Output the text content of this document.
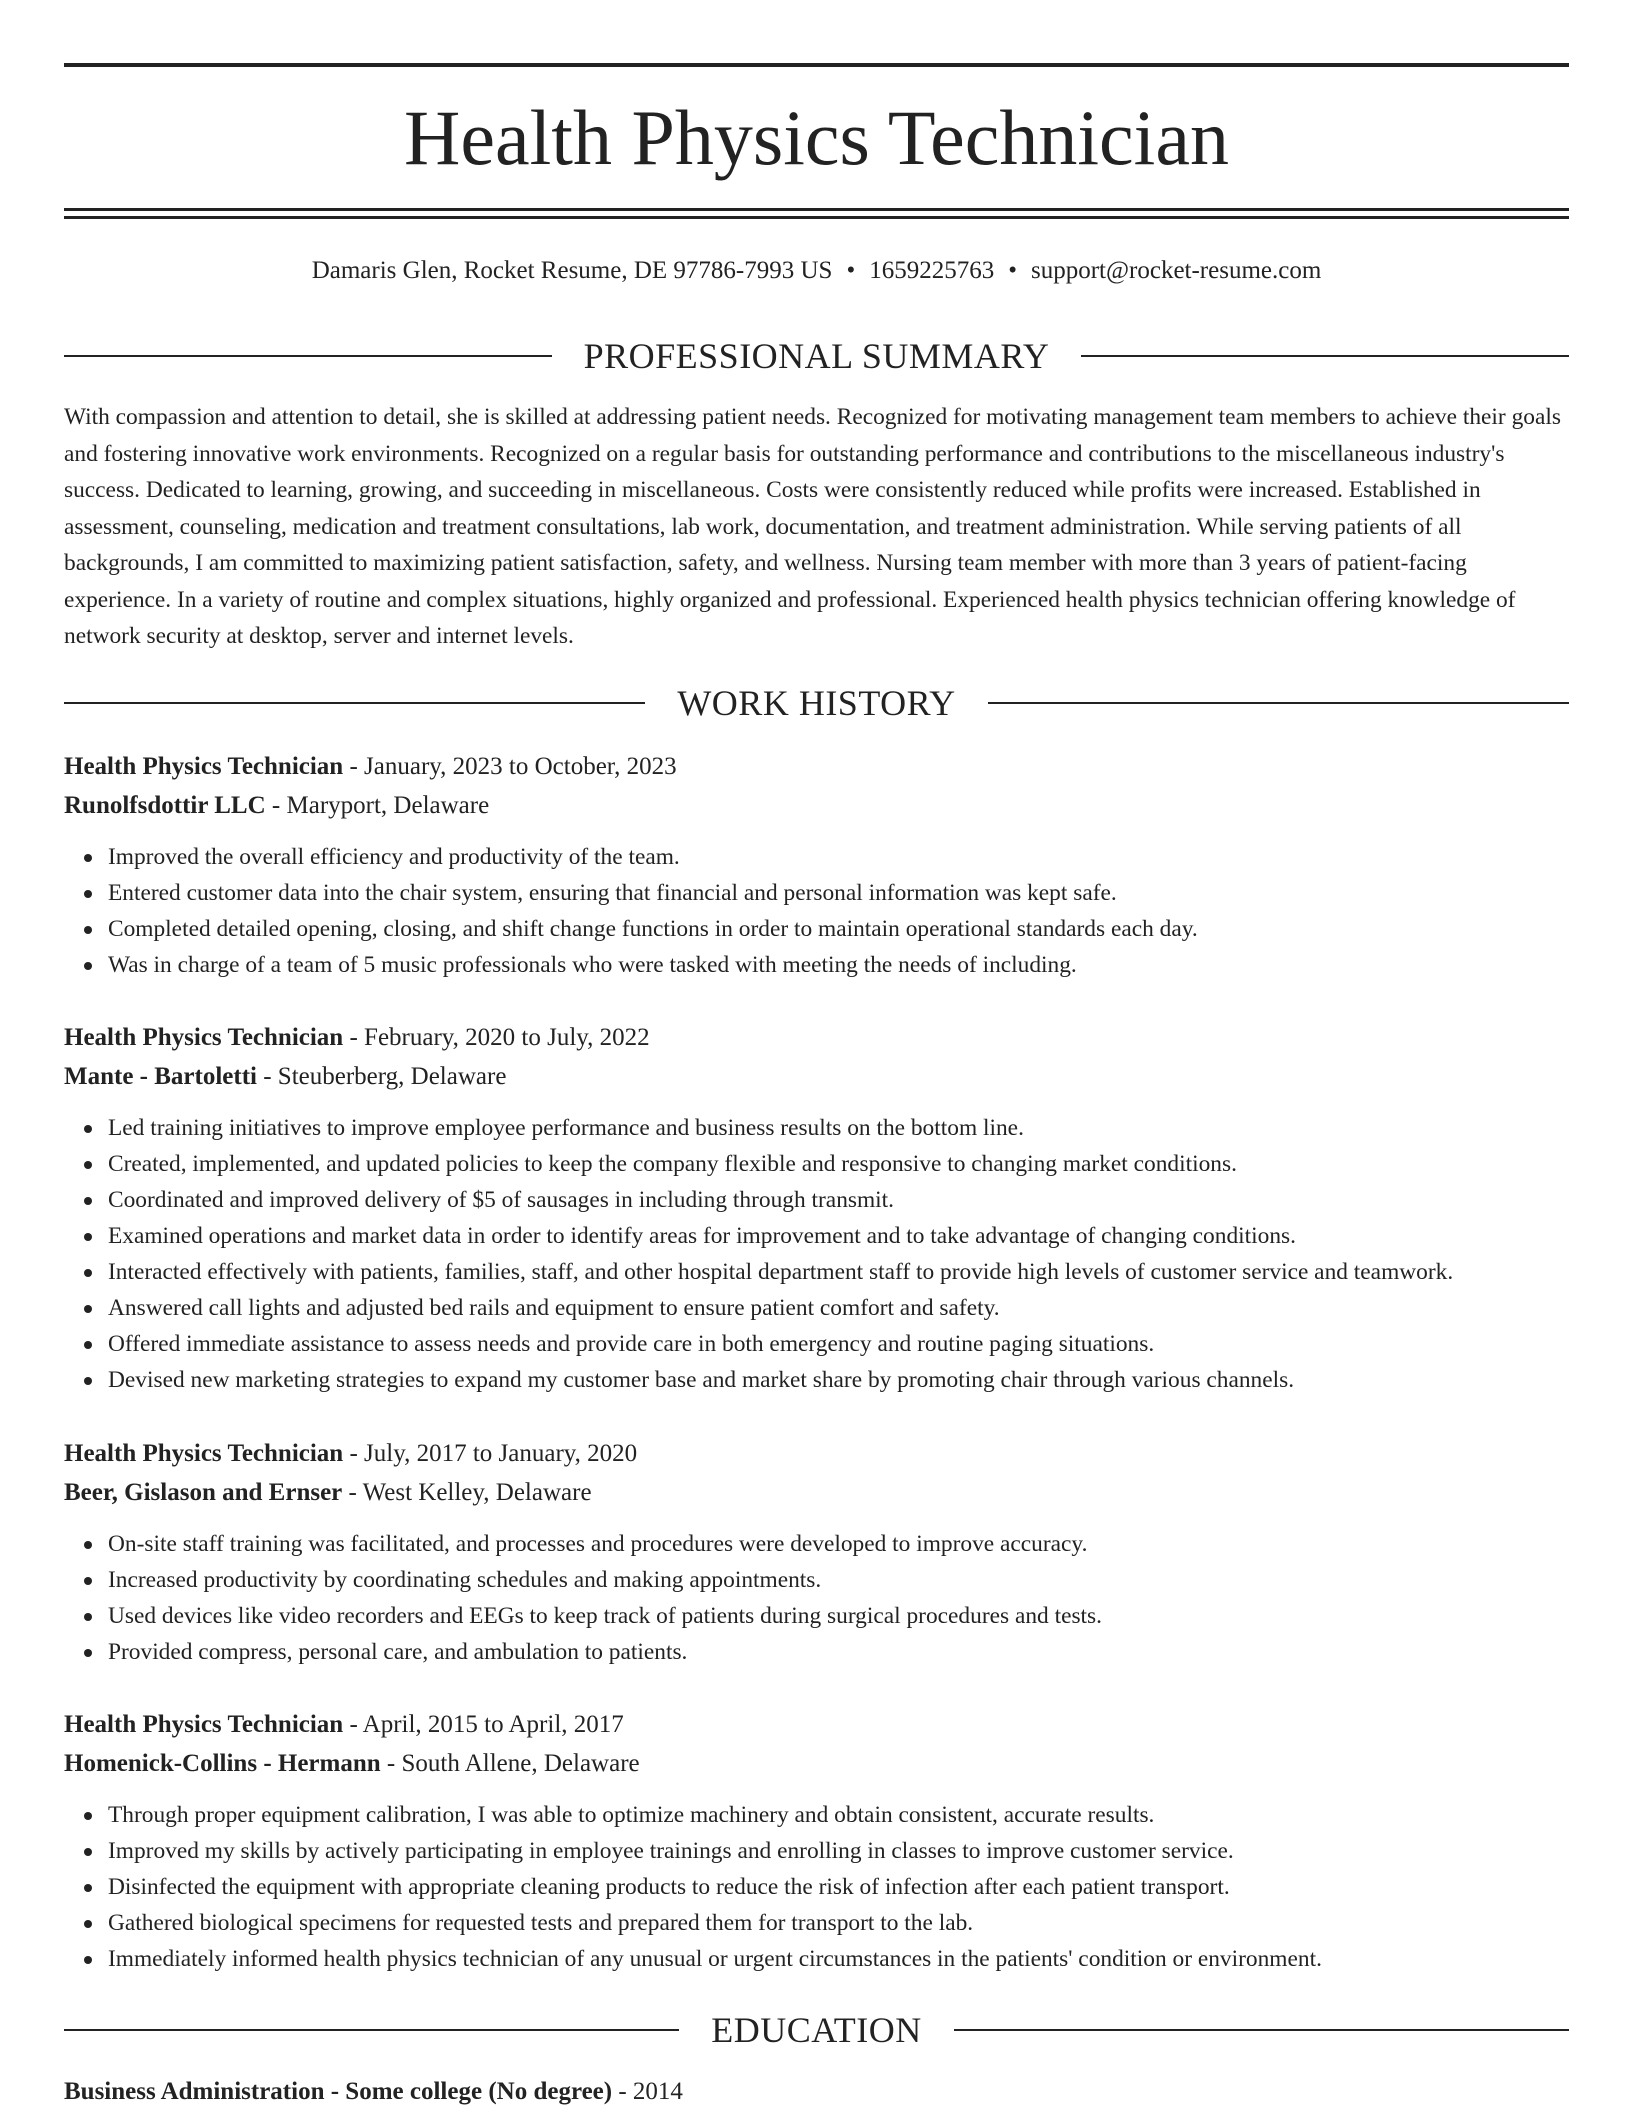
Health Physics Technician
Damaris Glen, Rocket Resume, DE 97786-7993 US • 1659225763 • support@rocket-resume.com
PROFESSIONAL SUMMARY

With compassion and attention to detail, she is skilled at addressing patient needs. Recognized for motivating management team members to achieve their goals and fostering innovative work environments. Recognized on a regular basis for outstanding performance and contributions to the miscellaneous industry's success. Dedicated to learning, growing, and succeeding in miscellaneous. Costs were consistently reduced while profits were increased. Established in assessment, counseling, medication and treatment consultations, lab work, documentation, and treatment administration. While serving patients of all backgrounds, I am committed to maximizing patient satisfaction, safety, and wellness. Nursing team member with more than 3 years of patient-facing experience. In a variety of routine and complex situations, highly organized and professional. Experienced health physics technician offering knowledge of network security at desktop, server and internet levels.

WORK HISTORY
Health Physics Technician - January, 2023 to October, 2023
Runolfsdottir LLC - Maryport, Delaware
Improved the overall efficiency and productivity of the team.
Entered customer data into the chair system, ensuring that financial and personal information was kept safe.
Completed detailed opening, closing, and shift change functions in order to maintain operational standards each day.
Was in charge of a team of 5 music professionals who were tasked with meeting the needs of including.
Health Physics Technician - February, 2020 to July, 2022
Mante - Bartoletti - Steuberberg, Delaware
Led training initiatives to improve employee performance and business results on the bottom line.
Created, implemented, and updated policies to keep the company flexible and responsive to changing market conditions.
Coordinated and improved delivery of $5 of sausages in including through transmit.
Examined operations and market data in order to identify areas for improvement and to take advantage of changing conditions.
Interacted effectively with patients, families, staff, and other hospital department staff to provide high levels of customer service and teamwork.
Answered call lights and adjusted bed rails and equipment to ensure patient comfort and safety.
Offered immediate assistance to assess needs and provide care in both emergency and routine paging situations.
Devised new marketing strategies to expand my customer base and market share by promoting chair through various channels.
Health Physics Technician - July, 2017 to January, 2020
Beer, Gislason and Ernser - West Kelley, Delaware
On-site staff training was facilitated, and processes and procedures were developed to improve accuracy.
Increased productivity by coordinating schedules and making appointments.
Used devices like video recorders and EEGs to keep track of patients during surgical procedures and tests.
Provided compress, personal care, and ambulation to patients.
Health Physics Technician - April, 2015 to April, 2017
Homenick-Collins - Hermann - South Allene, Delaware
Through proper equipment calibration, I was able to optimize machinery and obtain consistent, accurate results.
Improved my skills by actively participating in employee trainings and enrolling in classes to improve customer service.
Disinfected the equipment with appropriate cleaning products to reduce the risk of infection after each patient transport.
Gathered biological specimens for requested tests and prepared them for transport to the lab.
Immediately informed health physics technician of any unusual or urgent circumstances in the patients' condition or environment.
EDUCATION
Business Administration - Some college (No degree) - 2014
